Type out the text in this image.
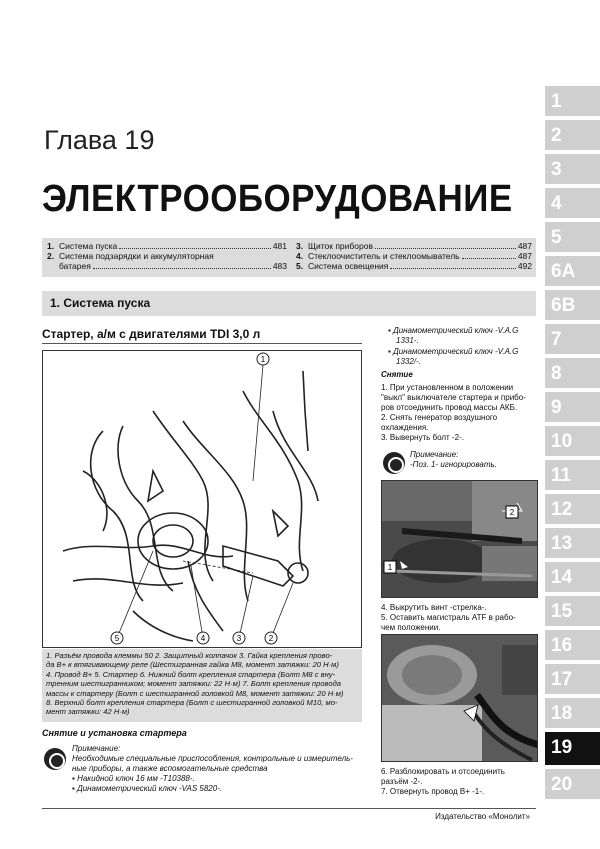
Глава 19
ЭЛЕКТРООБОРУДОВАНИЕ
1. Система пуска	481
2. Система подзарядки и аккумуляторная
батарея	483
3. Щиток приборов	487
4. Стеклоочиститель и стеклоомыватель	487
5. Система освещения	492
1. Система пуска
Стартер, а/м с двигателями TDI 3,0 л
1
2
3
4
5
1. Разъём провода клеммы 50 2. Защитный колпачок 3. Гайка крепления прово-
да B+ к втягивающему реле (Шестигранная гайка M8, момент затяжки: 20 Н·м)
4. Провод B+ 5. Стартер 6. Нижний болт крепления стартера (Болт M8 с вну-
тренним шестигранником; момент затяжки: 22 Н·м) 7. Болт крепления провода
массы к стартеру (Болт с шестигранной головкой M8, момент затяжки: 20 Н·м)
8. Верхний болт крепления стартера (Болт с шестигранной головкой M10, мо-
мент затяжки: 42 Н·м)
Снятие и установка стартера
Примечание:
Необходимые специальные приспособления, контрольные и измеритель-
ные приборы, а также вспомогательные средства
▪ Накидной ключ 16 мм -T10388-.
▪ Динамометрический ключ -VAS 5820-.
▪ Динамометрический ключ -V.A.G
1331-.
▪ Динамометрический ключ -V.A.G
1332/-.
Снятие
1. При установленном в положении
"выкл" выключателе стартера и прибо-
ров отсоединить провод массы АКБ.
2. Снять генератор воздушного
охлаждения.
3. Вывернуть болт -2-.
Примечание:
-Поз. 1- игнорировать.
2
1
4. Выкрутить винт -стрелка-.
5. Оставить магистраль ATF в рабо-
чем положении.
6. Разблокировать и отсоединить
разъём -2-.
7. Отвернуть провод B+ -1-.
1
2
3
4
5
6A
6B
7
8
9
10
11
12
13
14
15
16
17
18
19
20
Издательство «Монолит»
